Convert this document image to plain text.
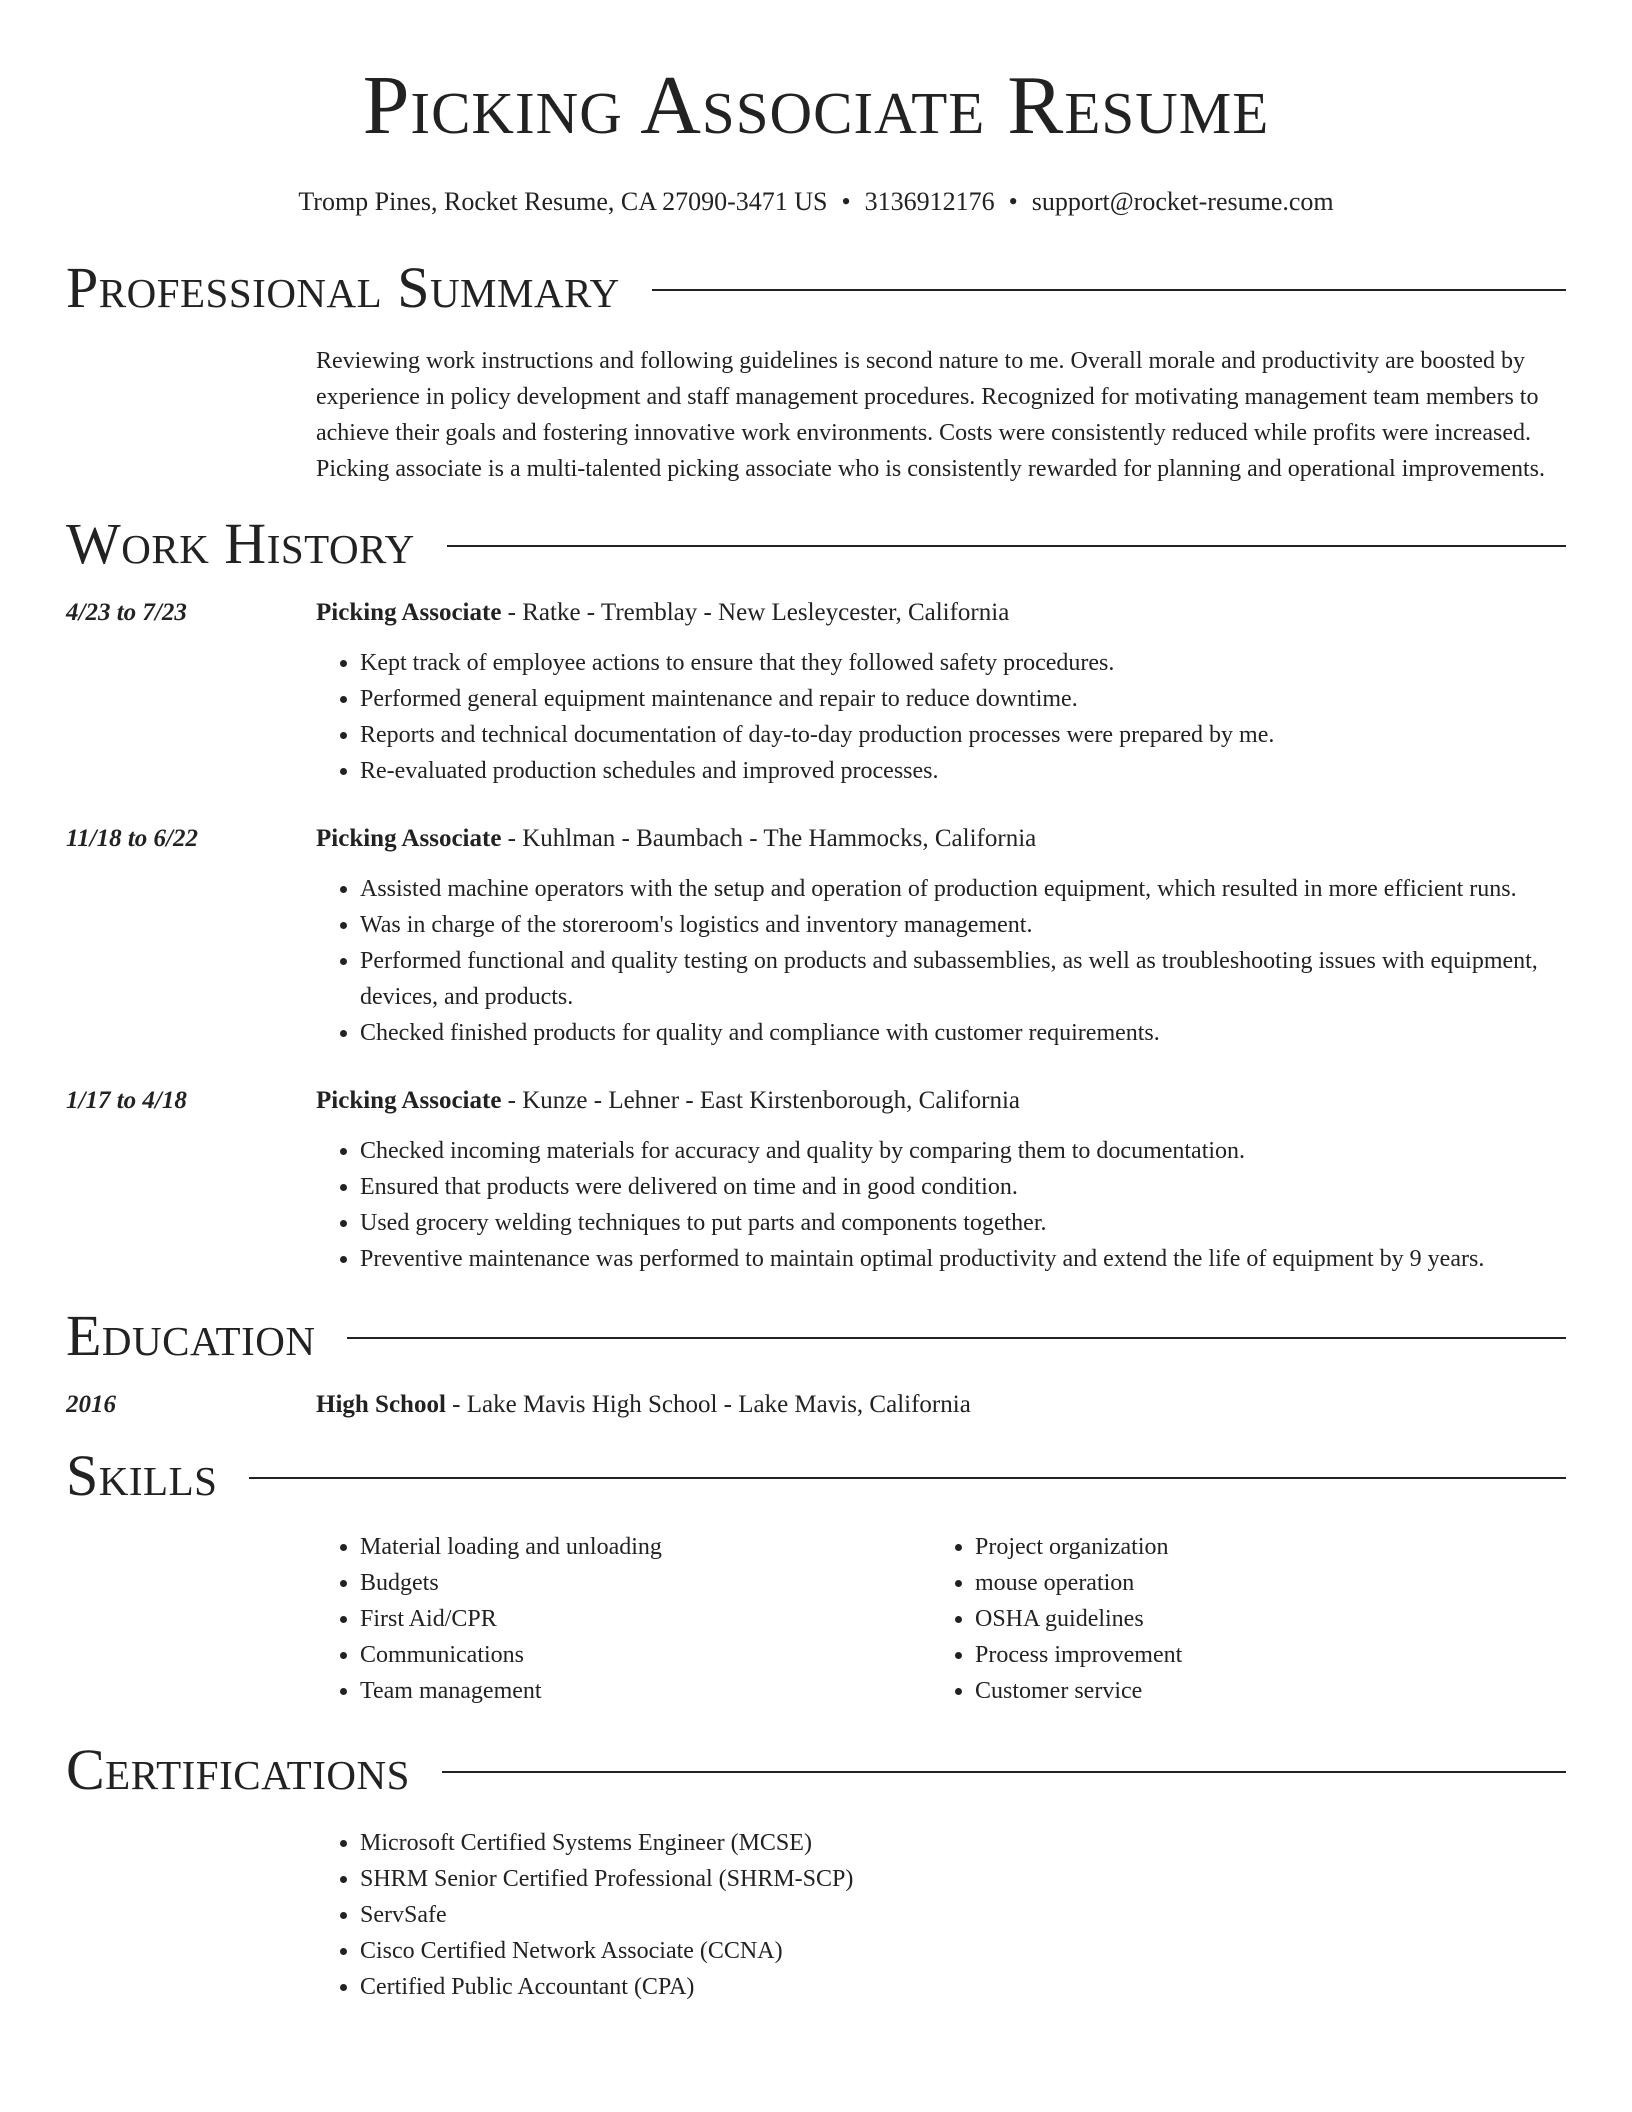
Picking Associate Resume
Tromp Pines, Rocket Resume, CA 27090-3471 US • 3136912176 • support@rocket-resume.com
Professional Summary

Reviewing work instructions and following guidelines is second nature to me. Overall morale and productivity are boosted by experience in policy development and staff management procedures. Recognized for motivating management team members to achieve their goals and fostering innovative work environments. Costs were consistently reduced while profits were increased. Picking associate is a multi-talented picking associate who is consistently rewarded for planning and operational improvements.

Work History
4/23 to 7/23	Picking Associate - Ratke - Tremblay - New Lesleycester, California
• Kept track of employee actions to ensure that they followed safety procedures.
• Performed general equipment maintenance and repair to reduce downtime.
• Reports and technical documentation of day-to-day production processes were prepared by me.
• Re-evaluated production schedules and improved processes.
11/18 to 6/22	Picking Associate - Kuhlman - Baumbach - The Hammocks, California
• Assisted machine operators with the setup and operation of production equipment, which resulted in more efficient runs.
• Was in charge of the storeroom's logistics and inventory management.
• Performed functional and quality testing on products and subassemblies, as well as troubleshooting issues with equipment, devices, and products.
• Checked finished products for quality and compliance with customer requirements.
1/17 to 4/18	Picking Associate - Kunze - Lehner - East Kirstenborough, California
• Checked incoming materials for accuracy and quality by comparing them to documentation.
• Ensured that products were delivered on time and in good condition.
• Used grocery welding techniques to put parts and components together.
• Preventive maintenance was performed to maintain optimal productivity and extend the life of equipment by 9 years.
Education
2016	High School - Lake Mavis High School - Lake Mavis, California
Skills
• Material loading and unloading
• Budgets
• First Aid/CPR
• Communications
• Team management
• Project organization
• mouse operation
• OSHA guidelines
• Process improvement
• Customer service
Certifications
• Microsoft Certified Systems Engineer (MCSE)
• SHRM Senior Certified Professional (SHRM-SCP)
• ServSafe
• Cisco Certified Network Associate (CCNA)
• Certified Public Accountant (CPA)
